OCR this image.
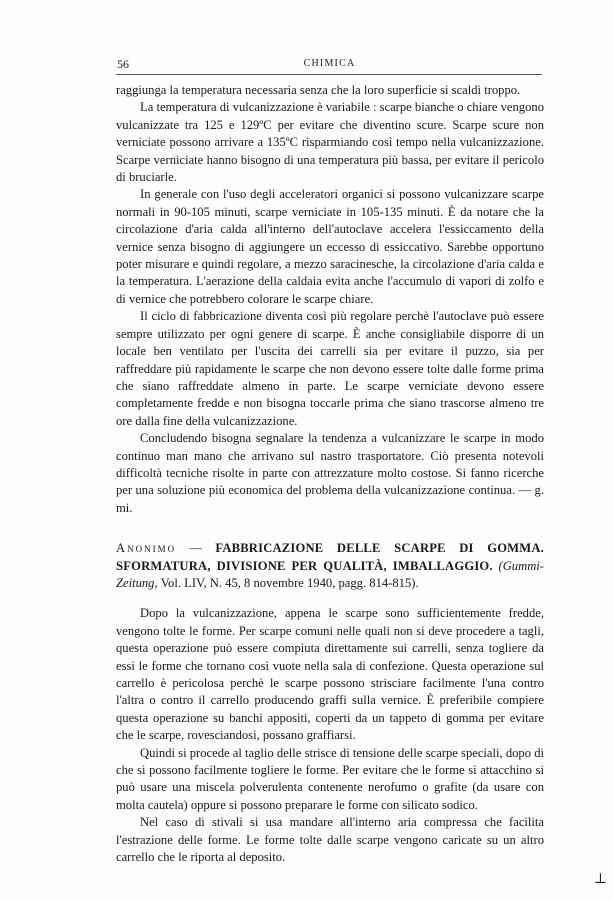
56	CHIMICA

raggiunga la temperatura necessaria senza che la loro superficie si scaldi troppo.

La temperatura di vulcanizzazione è variabile : scarpe bianche o chiare vengono vulcanizzate tra 125 e 129ºC per evitare che diventino scure. Scarpe scure non verniciate possono arrivare a 135ºC risparmiando così tempo nella vulcanizzazione. Scarpe verniciate hanno bisogno di una temperatura più bassa, per evitare il pericolo di bruciarle.

In generale con l'uso degli acceleratori organici si possono vulcanizzare scarpe normali in 90-105 minuti, scarpe verniciate in 105-135 minuti. È da notare che la circolazione d'aria calda all'interno dell'autoclave accelera l'essiccamento della vernice senza bisogno di aggiungere un eccesso di essiccativo. Sarebbe opportuno poter misurare e quindi regolare, a mezzo saracinesche, la circolazione d'aria calda e la temperatura. L'aerazione della caldaia evita anche l'accumulo di vapori di zolfo e di vernice che potrebbero colorare le scarpe chiare.

Il ciclo di fabbricazione diventa così più regolare perchè l'autoclave può essere sempre utilizzato per ogni genere di scarpe. È anche consigliabile disporre di un locale ben ventilato per l'uscita dei carrelli sia per evitare il puzzo, sia per raffreddare più rapidamente le scarpe che non devono essere tolte dalle forme prima che siano raffreddate almeno in parte. Le scarpe verniciate devono essere completamente fredde e non bisogna toccarle prima che siano trascorse almeno tre ore dalla fine della vulcanizzazione.

Concludendo bisogna segnalare la tendenza a vulcanizzare le scarpe in modo continuo man mano che arrivano sul nastro trasportatore. Ciò presenta notevoli difficoltà tecniche risolte in parte con attrezzature molto costose. Si fanno ricerche per una soluzione più economica del problema della vulcanizzazione continua. — g. mi.

Anonimo — FABBRICAZIONE DELLE SCARPE DI GOMMA. SFORMATURA, DIVISIONE PER QUALITÀ, IMBALLAGGIO. (Gummi-Zeitung, Vol. LIV, N. 45, 8 novembre 1940, pagg. 814-815).

Dopo la vulcanizzazione, appena le scarpe sono sufficientemente fredde, vengono tolte le forme. Per scarpe comuni nelle quali non si deve procedere a tagli, questa operazione può essere compiuta direttamente sui carrelli, senza togliere da essi le forme che tornano così vuote nella sala di confezione. Questa operazione sul carrello è pericolosa perchè le scarpe possono strisciare facilmente l'una contro l'altra o contro il carrello producendo graffi sulla vernice. È preferibile compiere questa operazione su banchi appositi, coperti da un tappeto di gomma per evitare che le scarpe, rovesciandosi, possano graffiarsi.

Quindi si procede al taglio delle strisce di tensione delle scarpe speciali, dopo di che si possono facilmente togliere le forme. Per evitare che le forme si attacchino si può usare una miscela polverulenta contenente nerofumo o grafite (da usare con molta cautela) oppure si possono preparare le forme con silicato sodico.

Nel caso di stivali si usa mandare all'interno aria compressa che facilita l'estrazione delle forme. Le forme tolte dalle scarpe vengono caricate su un altro carrello che le riporta al deposito.

⊥
